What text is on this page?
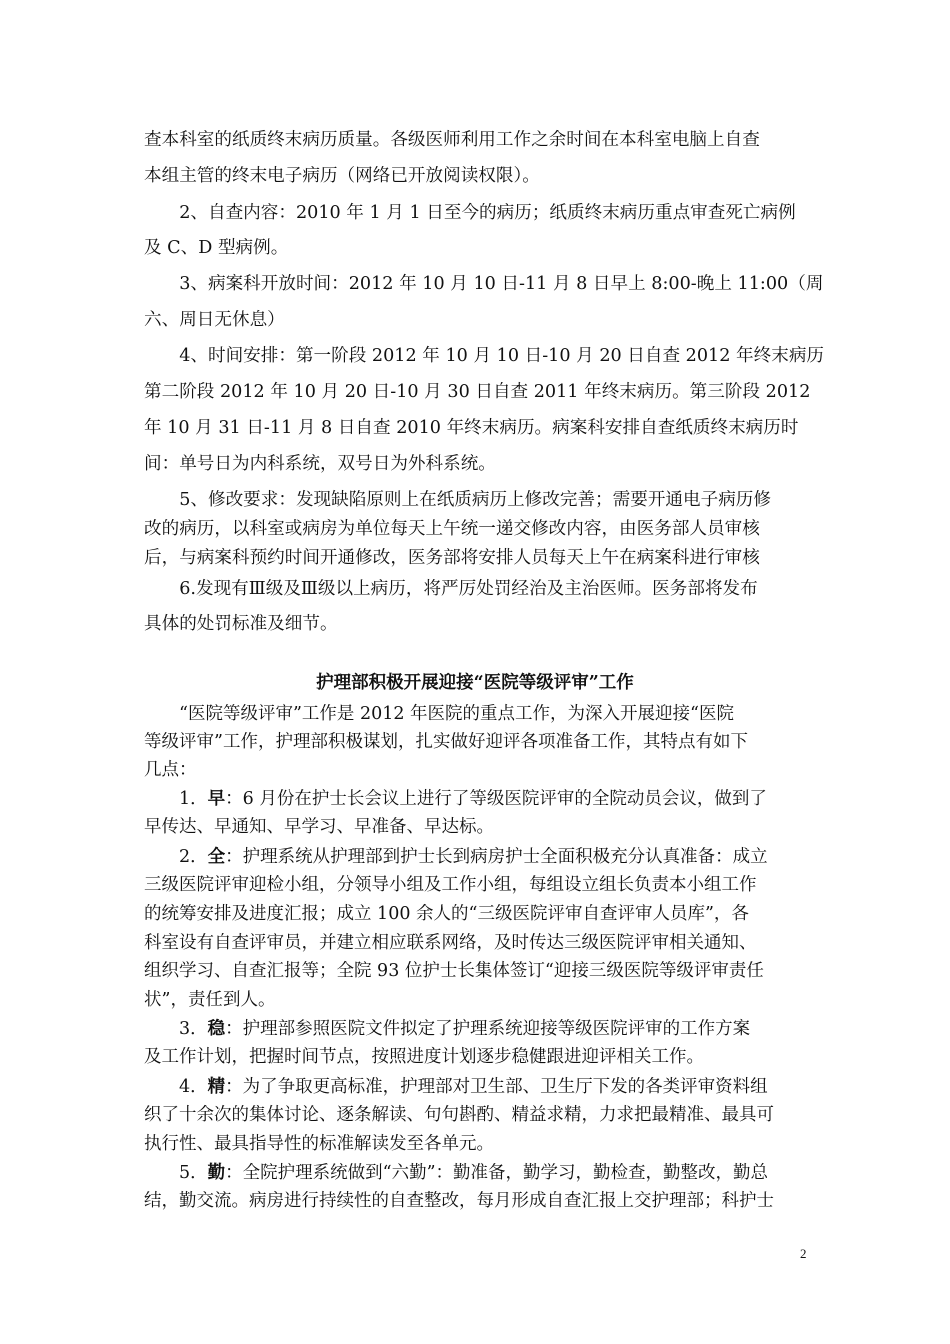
查本科室的纸质终末病历质量。各级医师利用工作之余时间在本科室电脑上自查
本组主管的终末电子病历（网络已开放阅读权限）。
　　2、自查内容：2010 年 1 月 1 日至今的病历；纸质终末病历重点审查死亡病例
及 C、D 型病例。
　　3、病案科开放时间：2012 年 10 月 10 日-11 月 8 日早上 8:00-晚上 11:00（周
六、周日无休息）
　　4、时间安排：第一阶段 2012 年 10 月 10 日-10 月 20 日自查 2012 年终末病历
第二阶段 2012 年 10 月 20 日-10 月 30 日自查 2011 年终末病历。第三阶段 2012
年 10 月 31 日-11 月 8 日自查 2010 年终末病历。病案科安排自查纸质终末病历时
间：单号日为内科系统，双号日为外科系统。
　　5、修改要求：发现缺陷原则上在纸质病历上修改完善；需要开通电子病历修
改的病历，以科室或病房为单位每天上午统一递交修改内容，由医务部人员审核
后，与病案科预约时间开通修改，医务部将安排人员每天上午在病案科进行审核
　　6.发现有Ⅲ级及Ⅲ级以上病历，将严厉处罚经治及主治医师。医务部将发布
具体的处罚标准及细节。
护理部积极开展迎接“医院等级评审”工作
　　“医院等级评审”工作是 2012 年医院的重点工作，为深入开展迎接“医院
等级评审”工作，护理部积极谋划，扎实做好迎评各项准备工作，其特点有如下
几点：
　　1．早：6 月份在护士长会议上进行了等级医院评审的全院动员会议，做到了
早传达、早通知、早学习、早准备、早达标。
　　2．全：护理系统从护理部到护士长到病房护士全面积极充分认真准备：成立
三级医院评审迎检小组，分领导小组及工作小组，每组设立组长负责本小组工作
的统筹安排及进度汇报；成立 100 余人的“三级医院评审自查评审人员库”，各
科室设有自查评审员，并建立相应联系网络，及时传达三级医院评审相关通知、
组织学习、自查汇报等；全院 93 位护士长集体签订“迎接三级医院等级评审责任
状”，责任到人。
　　3．稳：护理部参照医院文件拟定了护理系统迎接等级医院评审的工作方案
及工作计划，把握时间节点，按照进度计划逐步稳健跟进迎评相关工作。
　　4．精：为了争取更高标准，护理部对卫生部、卫生厅下发的各类评审资料组
织了十余次的集体讨论、逐条解读、句句斟酌、精益求精，力求把最精准、最具可
执行性、最具指导性的标准解读发至各单元。
　　5．勤：全院护理系统做到“六勤”：勤准备，勤学习，勤检查，勤整改，勤总
结，勤交流。病房进行持续性的自查整改，每月形成自查汇报上交护理部；科护士
2
